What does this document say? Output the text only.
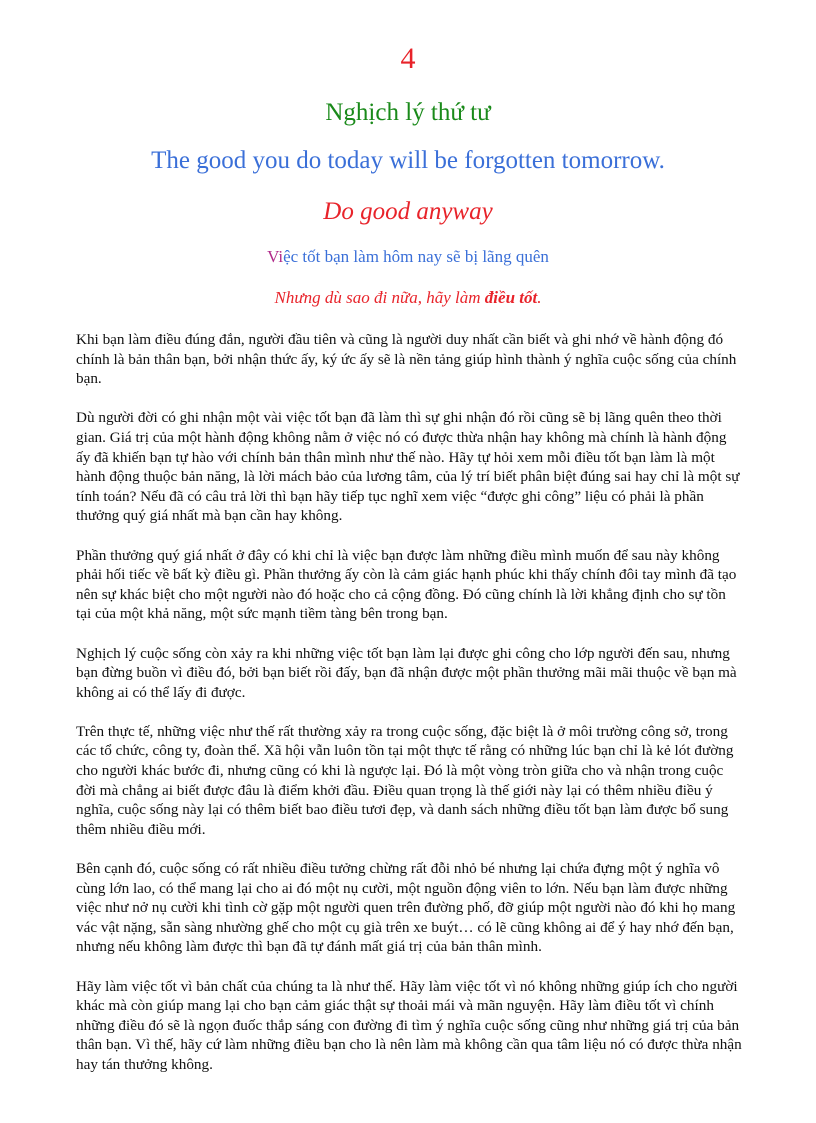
4
Nghịch lý thứ tư
The good you do today will be forgotten tomorrow.
Do good anyway
Việc tốt bạn làm hôm nay sẽ bị lãng quên
Nhưng dù sao đi nữa, hãy làm điều tốt.

Khi bạn làm điều đúng đắn, người đầu tiên và cũng là người duy nhất cần biết và ghi nhớ về hành động đó chính là bản thân bạn, bởi nhận thức ấy, ký ức ấy sẽ là nền tảng giúp hình thành ý nghĩa cuộc sống của chính bạn.

Dù người đời có ghi nhận một vài việc tốt bạn đã làm thì sự ghi nhận đó rồi cũng sẽ bị lãng quên theo thời gian. Giá trị của một hành động không nằm ở việc nó có được thừa nhận hay không mà chính là hành động ấy đã khiến bạn tự hào với chính bản thân mình như thế nào. Hãy tự hỏi xem mỗi điều tốt bạn làm là một hành động thuộc bản năng, là lời mách bảo của lương tâm, của lý trí biết phân biệt đúng sai hay chỉ là một sự tính toán? Nếu đã có câu trả lời thì bạn hãy tiếp tục nghĩ xem việc “được ghi công” liệu có phải là phần thưởng quý giá nhất mà bạn cần hay không.

Phần thưởng quý giá nhất ở đây có khi chỉ là việc bạn được làm những điều mình muốn để sau này không phải hối tiếc về bất kỳ điều gì. Phần thưởng ấy còn là cảm giác hạnh phúc khi thấy chính đôi tay mình đã tạo nên sự khác biệt cho một người nào đó hoặc cho cả cộng đồng. Đó cũng chính là lời khẳng định cho sự tồn tại của một khả năng, một sức mạnh tiềm tàng bên trong bạn.

Nghịch lý cuộc sống còn xảy ra khi những việc tốt bạn làm lại được ghi công cho lớp người đến sau, nhưng bạn đừng buồn vì điều đó, bởi bạn biết rồi đấy, bạn đã nhận được một phần thưởng mãi mãi thuộc về bạn mà không ai có thể lấy đi được.

Trên thực tế, những việc như thế rất thường xảy ra trong cuộc sống, đặc biệt là ở môi trường công sở, trong các tổ chức, công ty, đoàn thể. Xã hội vẫn luôn tồn tại một thực tế rằng có những lúc bạn chỉ là kẻ lót đường cho người khác bước đi, nhưng cũng có khi là ngược lại. Đó là một vòng tròn giữa cho và nhận trong cuộc đời mà chẳng ai biết được đâu là điểm khởi đầu. Điều quan trọng là thế giới này lại có thêm nhiều điều ý nghĩa, cuộc sống này lại có thêm biết bao điều tươi đẹp, và danh sách những điều tốt bạn làm được bổ sung thêm nhiều điều mới.

Bên cạnh đó, cuộc sống có rất nhiều điều tưởng chừng rất đỗi nhỏ bé nhưng lại chứa đựng một ý nghĩa vô cùng lớn lao, có thể mang lại cho ai đó một nụ cười, một nguồn động viên to lớn. Nếu bạn làm được những việc như nở nụ cười khi tình cờ gặp một người quen trên đường phố, đỡ giúp một người nào đó khi họ mang vác vật nặng, sẵn sàng nhường ghế cho một cụ già trên xe buýt… có lẽ cũng không ai để ý hay nhớ đến bạn, nhưng nếu không làm được thì bạn đã tự đánh mất giá trị của bản thân mình.

Hãy làm việc tốt vì bản chất của chúng ta là như thế. Hãy làm việc tốt vì nó không những giúp ích cho người khác mà còn giúp mang lại cho bạn cảm giác thật sự thoải mái và mãn nguyện. Hãy làm điều tốt vì chính những điều đó sẽ là ngọn đuốc thắp sáng con đường đi tìm ý nghĩa cuộc sống cũng như những giá trị của bản thân bạn. Vì thế, hãy cứ làm những điều bạn cho là nên làm mà không cần qua tâm liệu nó có được thừa nhận hay tán thưởng không.
